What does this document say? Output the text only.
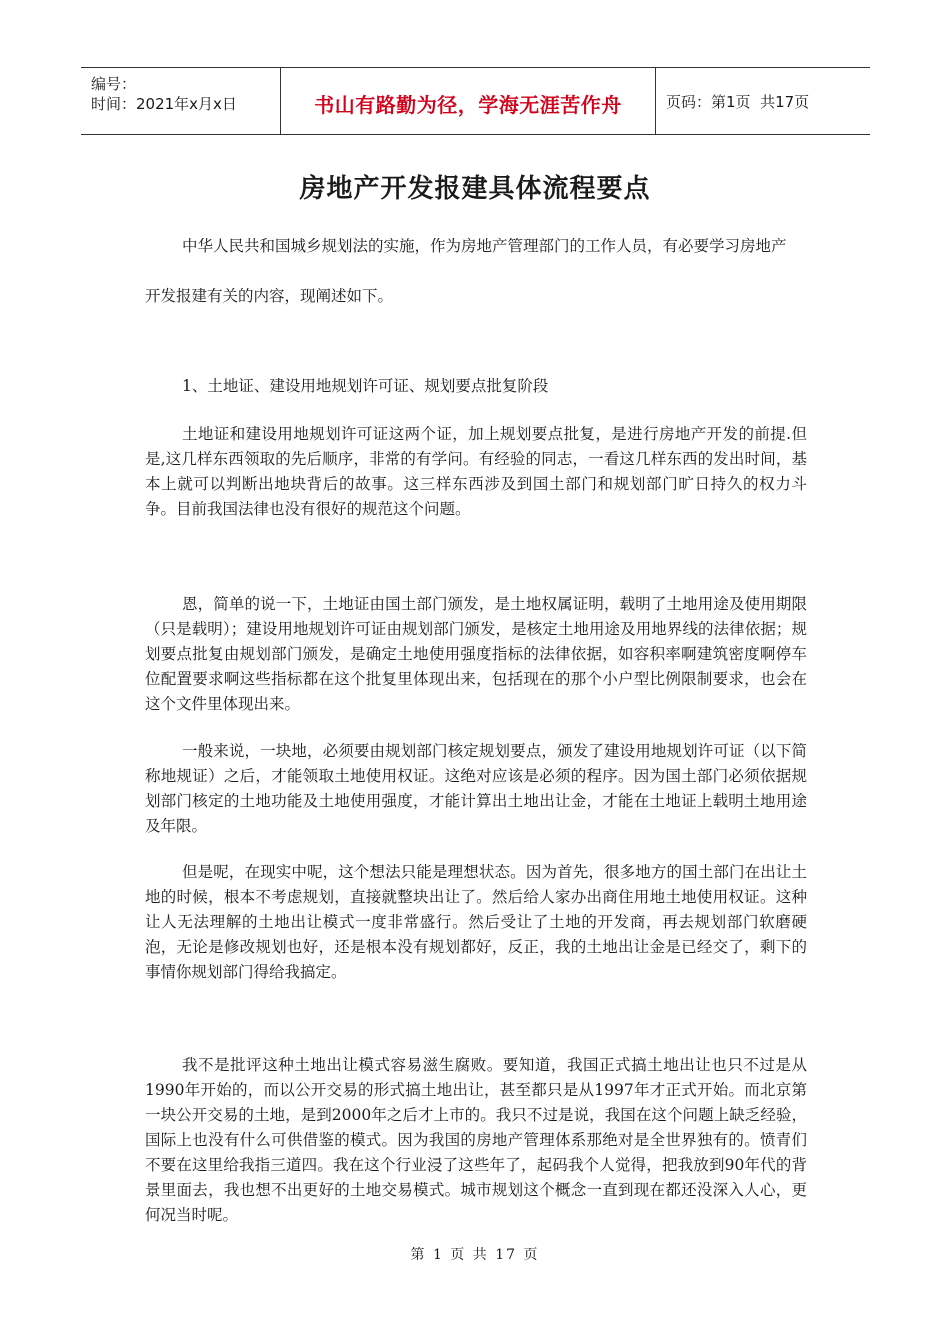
编号：
时间：2021年x月x日	书山有路勤为径，学海无涯苦作舟	页码：第1页  共17页
房地产开发报建具体流程要点

中华人民共和国城乡规划法的实施，作为房地产管理部门的工作人员，有必要学习房地产

开发报建有关的内容，现阐述如下。

1、土地证、建设用地规划许可证、规划要点批复阶段

土地证和建设用地规划许可证这两个证，加上规划要点批复，是进行房地产开发的前提.但是,这几样东西领取的先后顺序，非常的有学问。有经验的同志，一看这几样东西的发出时间，基本上就可以判断出地块背后的故事。这三样东西涉及到国土部门和规划部门旷日持久的权力斗争。目前我国法律也没有很好的规范这个问题。

恩，简单的说一下，土地证由国土部门颁发，是土地权属证明，载明了土地用途及使用期限（只是载明）；建设用地规划许可证由规划部门颁发，是核定土地用途及用地界线的法律依据；规划要点批复由规划部门颁发，是确定土地使用强度指标的法律依据，如容积率啊建筑密度啊停车位配置要求啊这些指标都在这个批复里体现出来，包括现在的那个小户型比例限制要求，也会在这个文件里体现出来。

一般来说，一块地，必须要由规划部门核定规划要点，颁发了建设用地规划许可证（以下简称地规证）之后，才能领取土地使用权证。这绝对应该是必须的程序。因为国土部门必须依据规划部门核定的土地功能及土地使用强度，才能计算出土地出让金，才能在土地证上载明土地用途及年限。

但是呢，在现实中呢，这个想法只能是理想状态。因为首先，很多地方的国土部门在出让土地的时候，根本不考虑规划，直接就整块出让了。然后给人家办出商住用地土地使用权证。这种让人无法理解的土地出让模式一度非常盛行。然后受让了土地的开发商，再去规划部门软磨硬泡，无论是修改规划也好，还是根本没有规划都好，反正，我的土地出让金是已经交了，剩下的事情你规划部门得给我搞定。

我不是批评这种土地出让模式容易滋生腐败。要知道，我国正式搞土地出让也只不过是从1990年开始的，而以公开交易的形式搞土地出让，甚至都只是从1997年才正式开始。而北京第一块公开交易的土地，是到2000年之后才上市的。我只不过是说，我国在这个问题上缺乏经验，国际上也没有什么可供借鉴的模式。因为我国的房地产管理体系那绝对是全世界独有的。愤青们不要在这里给我指三道四。我在这个行业浸了这些年了，起码我个人觉得，把我放到90年代的背景里面去，我也想不出更好的土地交易模式。城市规划这个概念一直到现在都还没深入人心，更何况当时呢。

第 1 页 共 17 页
